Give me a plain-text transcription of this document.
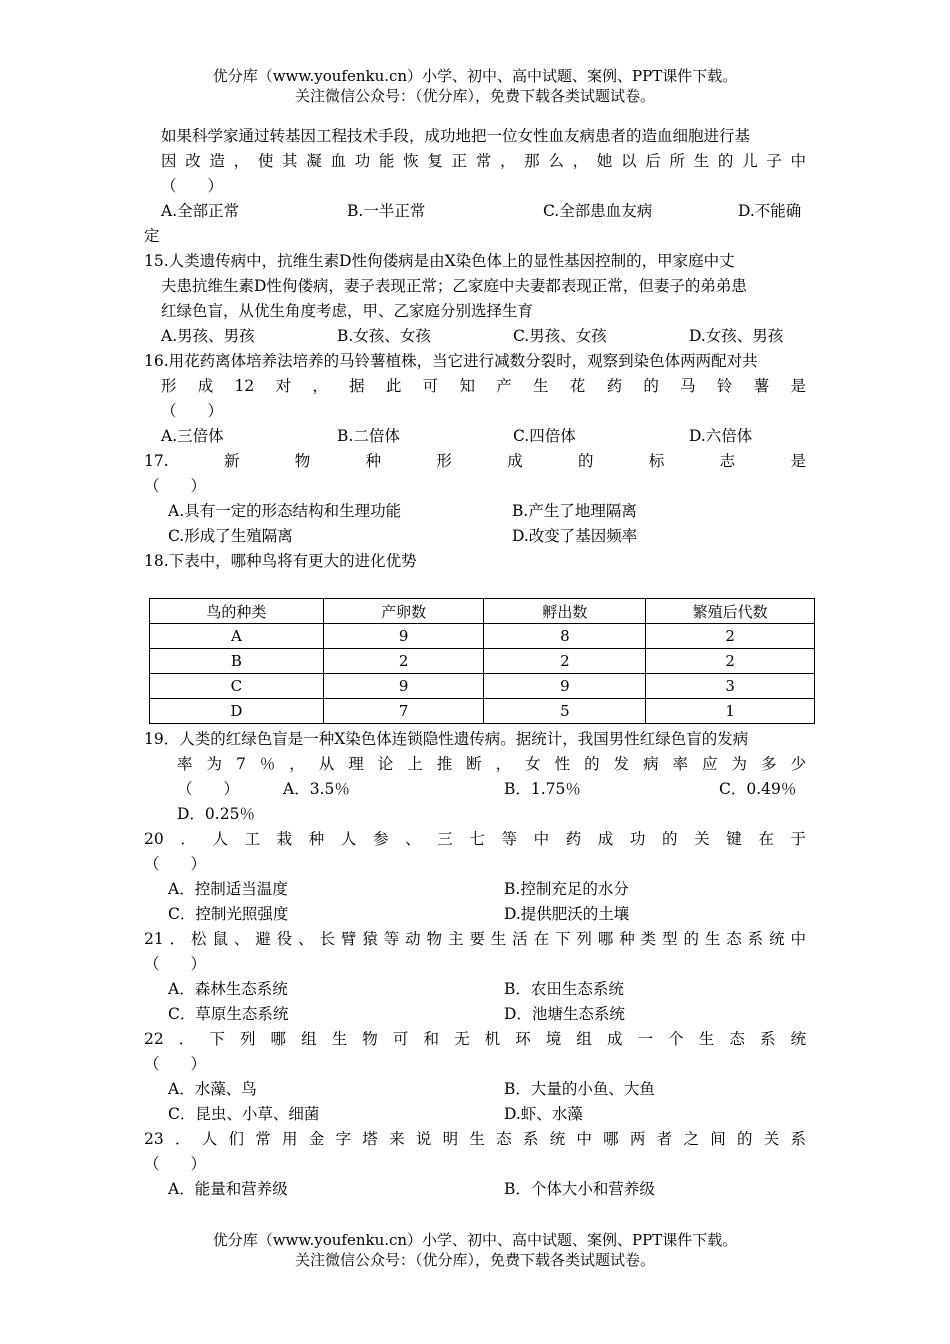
优分库（www.youfenku.cn）小学、初中、高中试题、案例、PPT课件下载。
关注微信公众号：（优分库），免费下载各类试题试卷。
如果科学家通过转基因工程技术手段，成功地把一位女性血友病患者的造血细胞进行基
因改造，使其凝血功能恢复正常，那么，她以后所生的儿子中
（　　）
A.全部正常	B.一半正常	C.全部患血友病	D.不能确
定
15.人类遗传病中，抗维生素D性佝偻病是由X染色体上的显性基因控制的，甲家庭中丈
夫患抗维生素D性佝偻病，妻子表现正常；乙家庭中夫妻都表现正常，但妻子的弟弟患
红绿色盲，从优生角度考虑，甲、乙家庭分别选择生育
A.男孩、男孩	B.女孩、女孩	C.男孩、女孩	D.女孩、男孩
16.用花药离体培养法培养的马铃薯植株，当它进行减数分裂时，观察到染色体两两配对共
形成12对，据此可知产生花药的马铃薯是
（　　）
A.三倍体	B.二倍体	C.四倍体	D.六倍体
17.新物种形成的标志是
（　　）
A.具有一定的形态结构和生理功能	B.产生了地理隔离
C.形成了生殖隔离	D.改变了基因频率
18.下表中，哪种鸟将有更大的进化优势
鸟的种类	产卵数	孵出数	繁殖后代数
A	9	8	2
B	2	2	2
C	9	9	3
D	7	5	1
19．人类的红绿色盲是一种X染色体连锁隐性遗传病。据统计，我国男性红绿色盲的发病
率为7％，从理论上推断，女性的发病率应为多少
（　　）	A．3.5％	B．1.75％	C．0.49％
D．0.25％
20．人工栽种人参、三七等中药成功的关键在于
（　　）
A．控制适当温度	B.控制充足的水分
C．控制光照强度	D.提供肥沃的土壤
21．松鼠、避役、长臂猿等动物主要生活在下列哪种类型的生态系统中
（　　）
A．森林生态系统	B．农田生态系统
C．草原生态系统	D．池塘生态系统
22．下列哪组生物可和无机环境组成一个生态系统
（　　）
A．水藻、鸟	B．大量的小鱼、大鱼
C．昆虫、小草、细菌	D.虾、水藻
23．人们常用金字塔来说明生态系统中哪两者之间的关系
（　　）
A．能量和营养级	B．个体大小和营养级
优分库（www.youfenku.cn）小学、初中、高中试题、案例、PPT课件下载。
关注微信公众号：（优分库），免费下载各类试题试卷。
